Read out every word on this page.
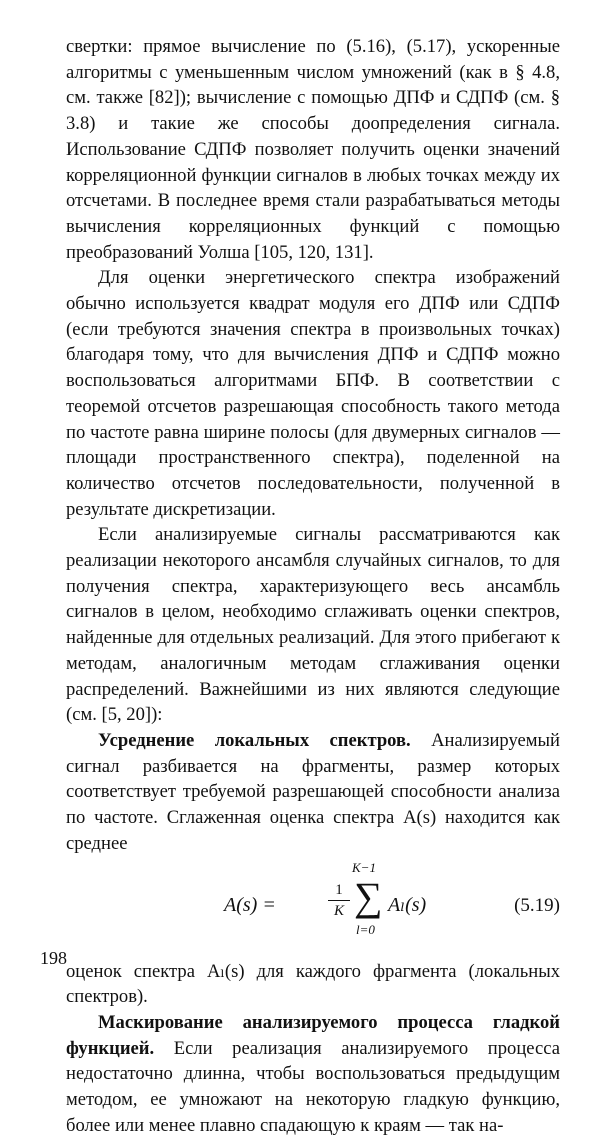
свертки: прямое вычисление по (5.16), (5.17), ускоренные алгоритмы с уменьшенным числом умножений (как в § 4.8, см. также [82]); вычисление с помощью ДПФ и СДПФ (см. § 3.8) и такие же способы доопределения сигнала. Использование СДПФ позволяет получить оценки значений корреляционной функции сигналов в любых точках между их отсчетами. В последнее время стали разрабатываться методы вычисления корреляционных функций с помощью преобразований Уолша [105, 120, 131].

Для оценки энергетического спектра изображений обычно используется квадрат модуля его ДПФ или СДПФ (если требуются значения спектра в произвольных точках) благодаря тому, что для вычисления ДПФ и СДПФ можно воспользоваться алгоритмами БПФ. В соответствии с теоремой отсчетов разрешающая способность такого метода по частоте равна ширине полосы (для двумерных сигналов — площади пространственного спектра), поделенной на количество отсчетов последовательности, полученной в результате дискретизации.

Если анализируемые сигналы рассматриваются как реализации некоторого ансамбля случайных сигналов, то для получения спектра, характеризующего весь ансамбль сигналов в целом, необходимо сглаживать оценки спектров, найденные для отдельных реализаций. Для этого прибегают к методам, аналогичным методам сглаживания оценки распределений. Важнейшими из них являются следующие (см. [5, 20]):

Усреднение локальных спектров. Анализируемый сигнал разбивается на фрагменты, размер которых соответствует требуемой разрешающей способности анализа по частоте. Сглаженная оценка спектра A(s) находится как среднее

A(s) =
1
K
K−1
∑
l=0
Aₗ(s)	(5.19)

оценок спектра Aₗ(s) для каждого фрагмента (локальных спектров).

Маскирование анализируемого процесса гладкой функцией. Если реализация анализируемого процесса недостаточно длинна, чтобы воспользоваться предыдущим методом, ее умножают на некоторую гладкую функцию, более или менее плавно спадающую к краям — так на-

198
